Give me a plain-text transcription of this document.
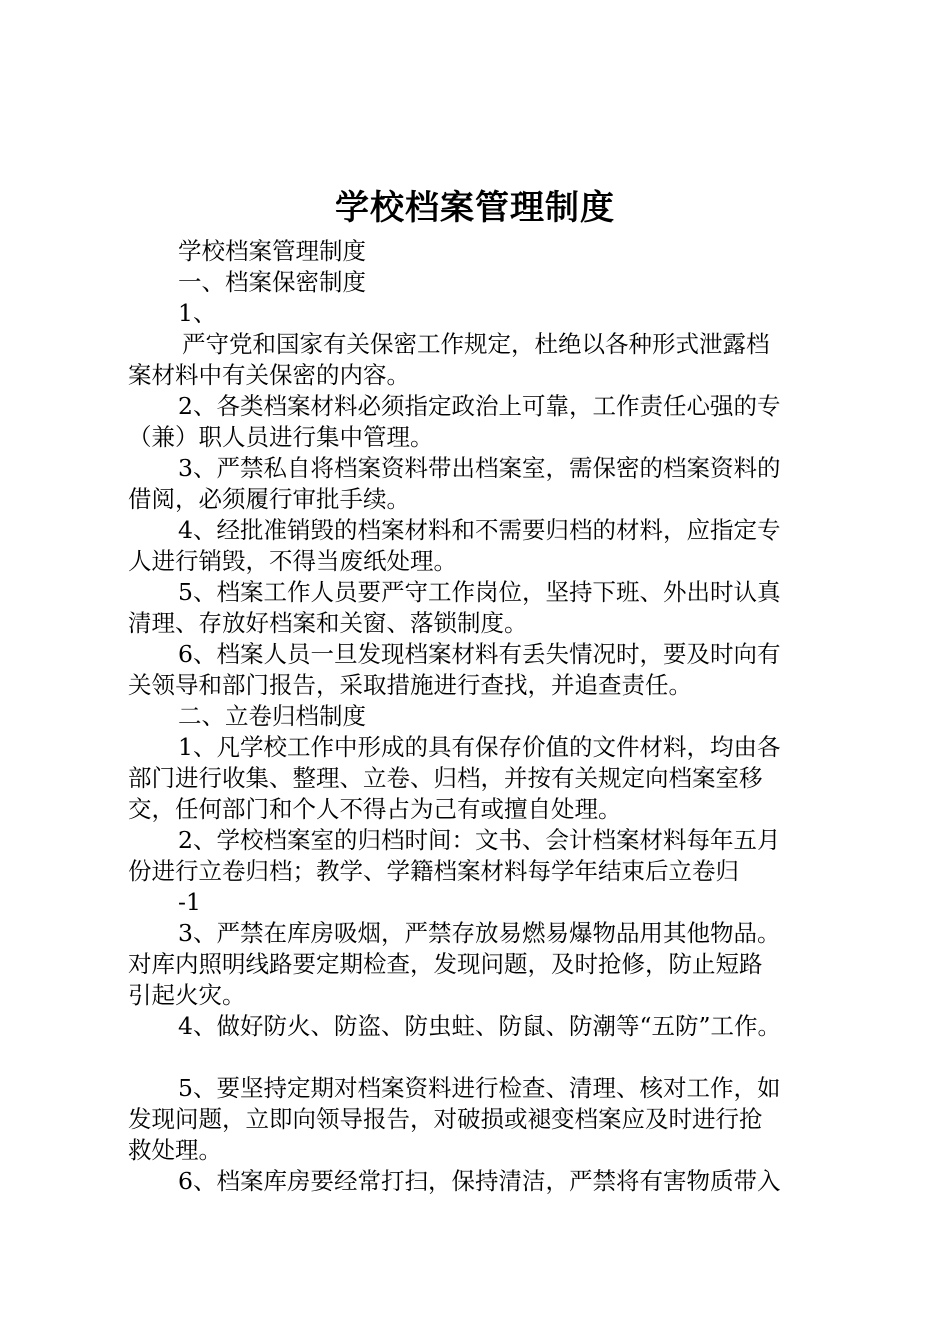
学校档案管理制度
学校档案管理制度
一、档案保密制度
1、
严守党和国家有关保密工作规定，杜绝以各种形式泄露档
案材料中有关保密的内容。
2、各类档案材料必须指定政治上可靠，工作责任心强的专
（兼）职人员进行集中管理。
3、严禁私自将档案资料带出档案室，需保密的档案资料的
借阅，必须履行审批手续。
4、经批准销毁的档案材料和不需要归档的材料，应指定专
人进行销毁，不得当废纸处理。
5、档案工作人员要严守工作岗位，坚持下班、外出时认真
清理、存放好档案和关窗、落锁制度。
6、档案人员一旦发现档案材料有丢失情况时，要及时向有
关领导和部门报告，采取措施进行查找，并追查责任。
二、立卷归档制度
1、凡学校工作中形成的具有保存价值的文件材料，均由各
部门进行收集、整理、立卷、归档，并按有关规定向档案室移
交，任何部门和个人不得占为己有或擅自处理。
2、学校档案室的归档时间：文书、会计档案材料每年五月
份进行立卷归档；教学、学籍档案材料每学年结束后立卷归
-1
3、严禁在库房吸烟，严禁存放易燃易爆物品用其他物品。
对库内照明线路要定期检查，发现问题，及时抢修，防止短路
引起火灾。
4、做好防火、防盗、防虫蛀、防鼠、防潮等“五防”工作。
5、要坚持定期对档案资料进行检查、清理、核对工作，如
发现问题，立即向领导报告，对破损或褪变档案应及时进行抢
救处理。
6、档案库房要经常打扫，保持清洁，严禁将有害物质带入
